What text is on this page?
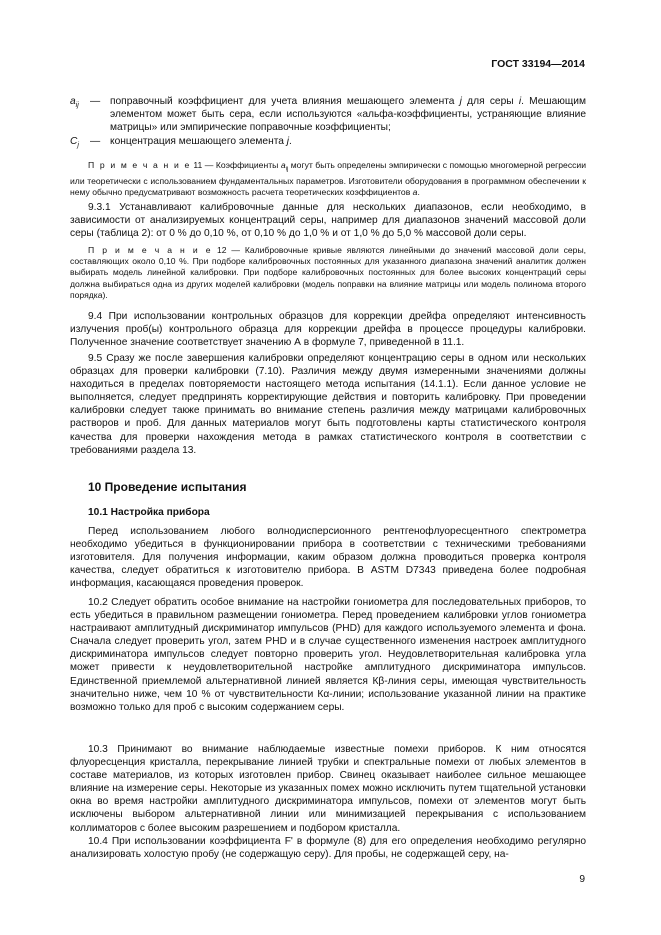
ГОСТ 33194—2014
$a_{ij}$	— поправочный коэффициент для учета влияния мешающего элемента j для серы i. Мешающим элементом может быть сера, если используются «альфа-коэффициенты, устраняющие влияние матрицы» или эмпирические поправочные коэффициенты;
$C_j$	— концентрация мешающего элемента j.

П р и м е ч а н и е 11 — Коэффициенты $a_{ij}$ могут быть определены эмпирически с помощью многомерной регрессии или теоретически с использованием фундаментальных параметров. Изготовители оборудования в программном обеспечении к нему обычно предусматривают возможность расчета теоретических коэффициентов a.

9.3.1 Устанавливают калибровочные данные для нескольких диапазонов, если необходимо, в зависимости от анализируемых концентраций серы, например для диапазонов значений массовой доли серы (таблица 2): от 0 % до 0,10 %, от 0,10 % до 1,0 % и от 1,0 % до 5,0 % массовой доли серы.

П р и м е ч а н и е 12 — Калибровочные кривые являются линейными до значений массовой доли серы, составляющих около 0,10 %. При подборе калибровочных постоянных для указанного диапазона значений аналитик должен выбирать модель линейной калибровки. При подборе калибровочных постоянных для более высоких концентраций серы должна выбираться одна из других моделей калибровки (модель поправки на влияние матрицы или модель полинома второго порядка).

9.4 При использовании контрольных образцов для коррекции дрейфа определяют интенсивность излучения проб(ы) контрольного образца для коррекции дрейфа в процессе процедуры калибровки. Полученное значение соответствует значению А в формуле 7, приведенной в 11.1.

9.5 Сразу же после завершения калибровки определяют концентрацию серы в одном или нескольких образцах для проверки калибровки (7.10). Различия между двумя измеренными значениями должны находиться в пределах повторяемости настоящего метода испытания (14.1.1). Если данное условие не выполняется, следует предпринять корректирующие действия и повторить калибровку. При проведении калибровки следует также принимать во внимание степень различия между матрицами калибровочных растворов и проб. Для данных материалов могут быть подготовлены карты статистического контроля качества для проверки нахождения метода в рамках статистического контроля в соответствии с требованиями раздела 13.

10 Проведение испытания
10.1 Настройка прибора

Перед использованием любого волнодисперсионного рентгенофлуоресцентного спектрометра необходимо убедиться в функционировании прибора в соответствии с техническими требованиями изготовителя. Для получения информации, каким образом должна проводиться проверка контроля качества, следует обратиться к изготовителю прибора. В ASTM D7343 приведена более подробная информация, касающаяся проведения проверок.

10.2 Следует обратить особое внимание на настройки гониометра для последовательных приборов, то есть убедиться в правильном размещении гониометра. Перед проведением калибровки углов гониометра настраивают амплитудный дискриминатор импульсов (PHD) для каждого используемого элемента и фона. Сначала следует проверить угол, затем PHD и в случае существенного изменения настроек амплитудного дискриминатора импульсов следует повторно проверить угол. Неудовлетворительная калибровка угла может привести к неудовлетворительной настройке амплитудного дискриминатора импульсов. Единственной приемлемой альтернативной линией является Кβ-линия серы, имеющая чувствительность значительно ниже, чем 10 % от чувствительности Кα-линии; использование указанной линии на практике возможно только для проб с высоким содержанием серы.

10.3 Принимают во внимание наблюдаемые известные помехи приборов. К ним относятся флуоресценция кристалла, перекрывание линией трубки и спектральные помехи от любых элементов в составе материалов, из которых изготовлен прибор. Свинец оказывает наиболее сильное мешающее влияние на измерение серы. Некоторые из указанных помех можно исключить путем тщательной установки окна во время настройки амплитудного дискриминатора импульсов, помехи от элементов могут быть исключены выбором альтернативной линии или минимизацией перекрывания с использованием коллиматоров с более высоким разрешением и подбором кристалла.

10.4 При использовании коэффициента F' в формуле (8) для его определения необходимо регулярно анализировать холостую пробу (не содержащую серу). Для пробы, не содержащей серу, на-

9
